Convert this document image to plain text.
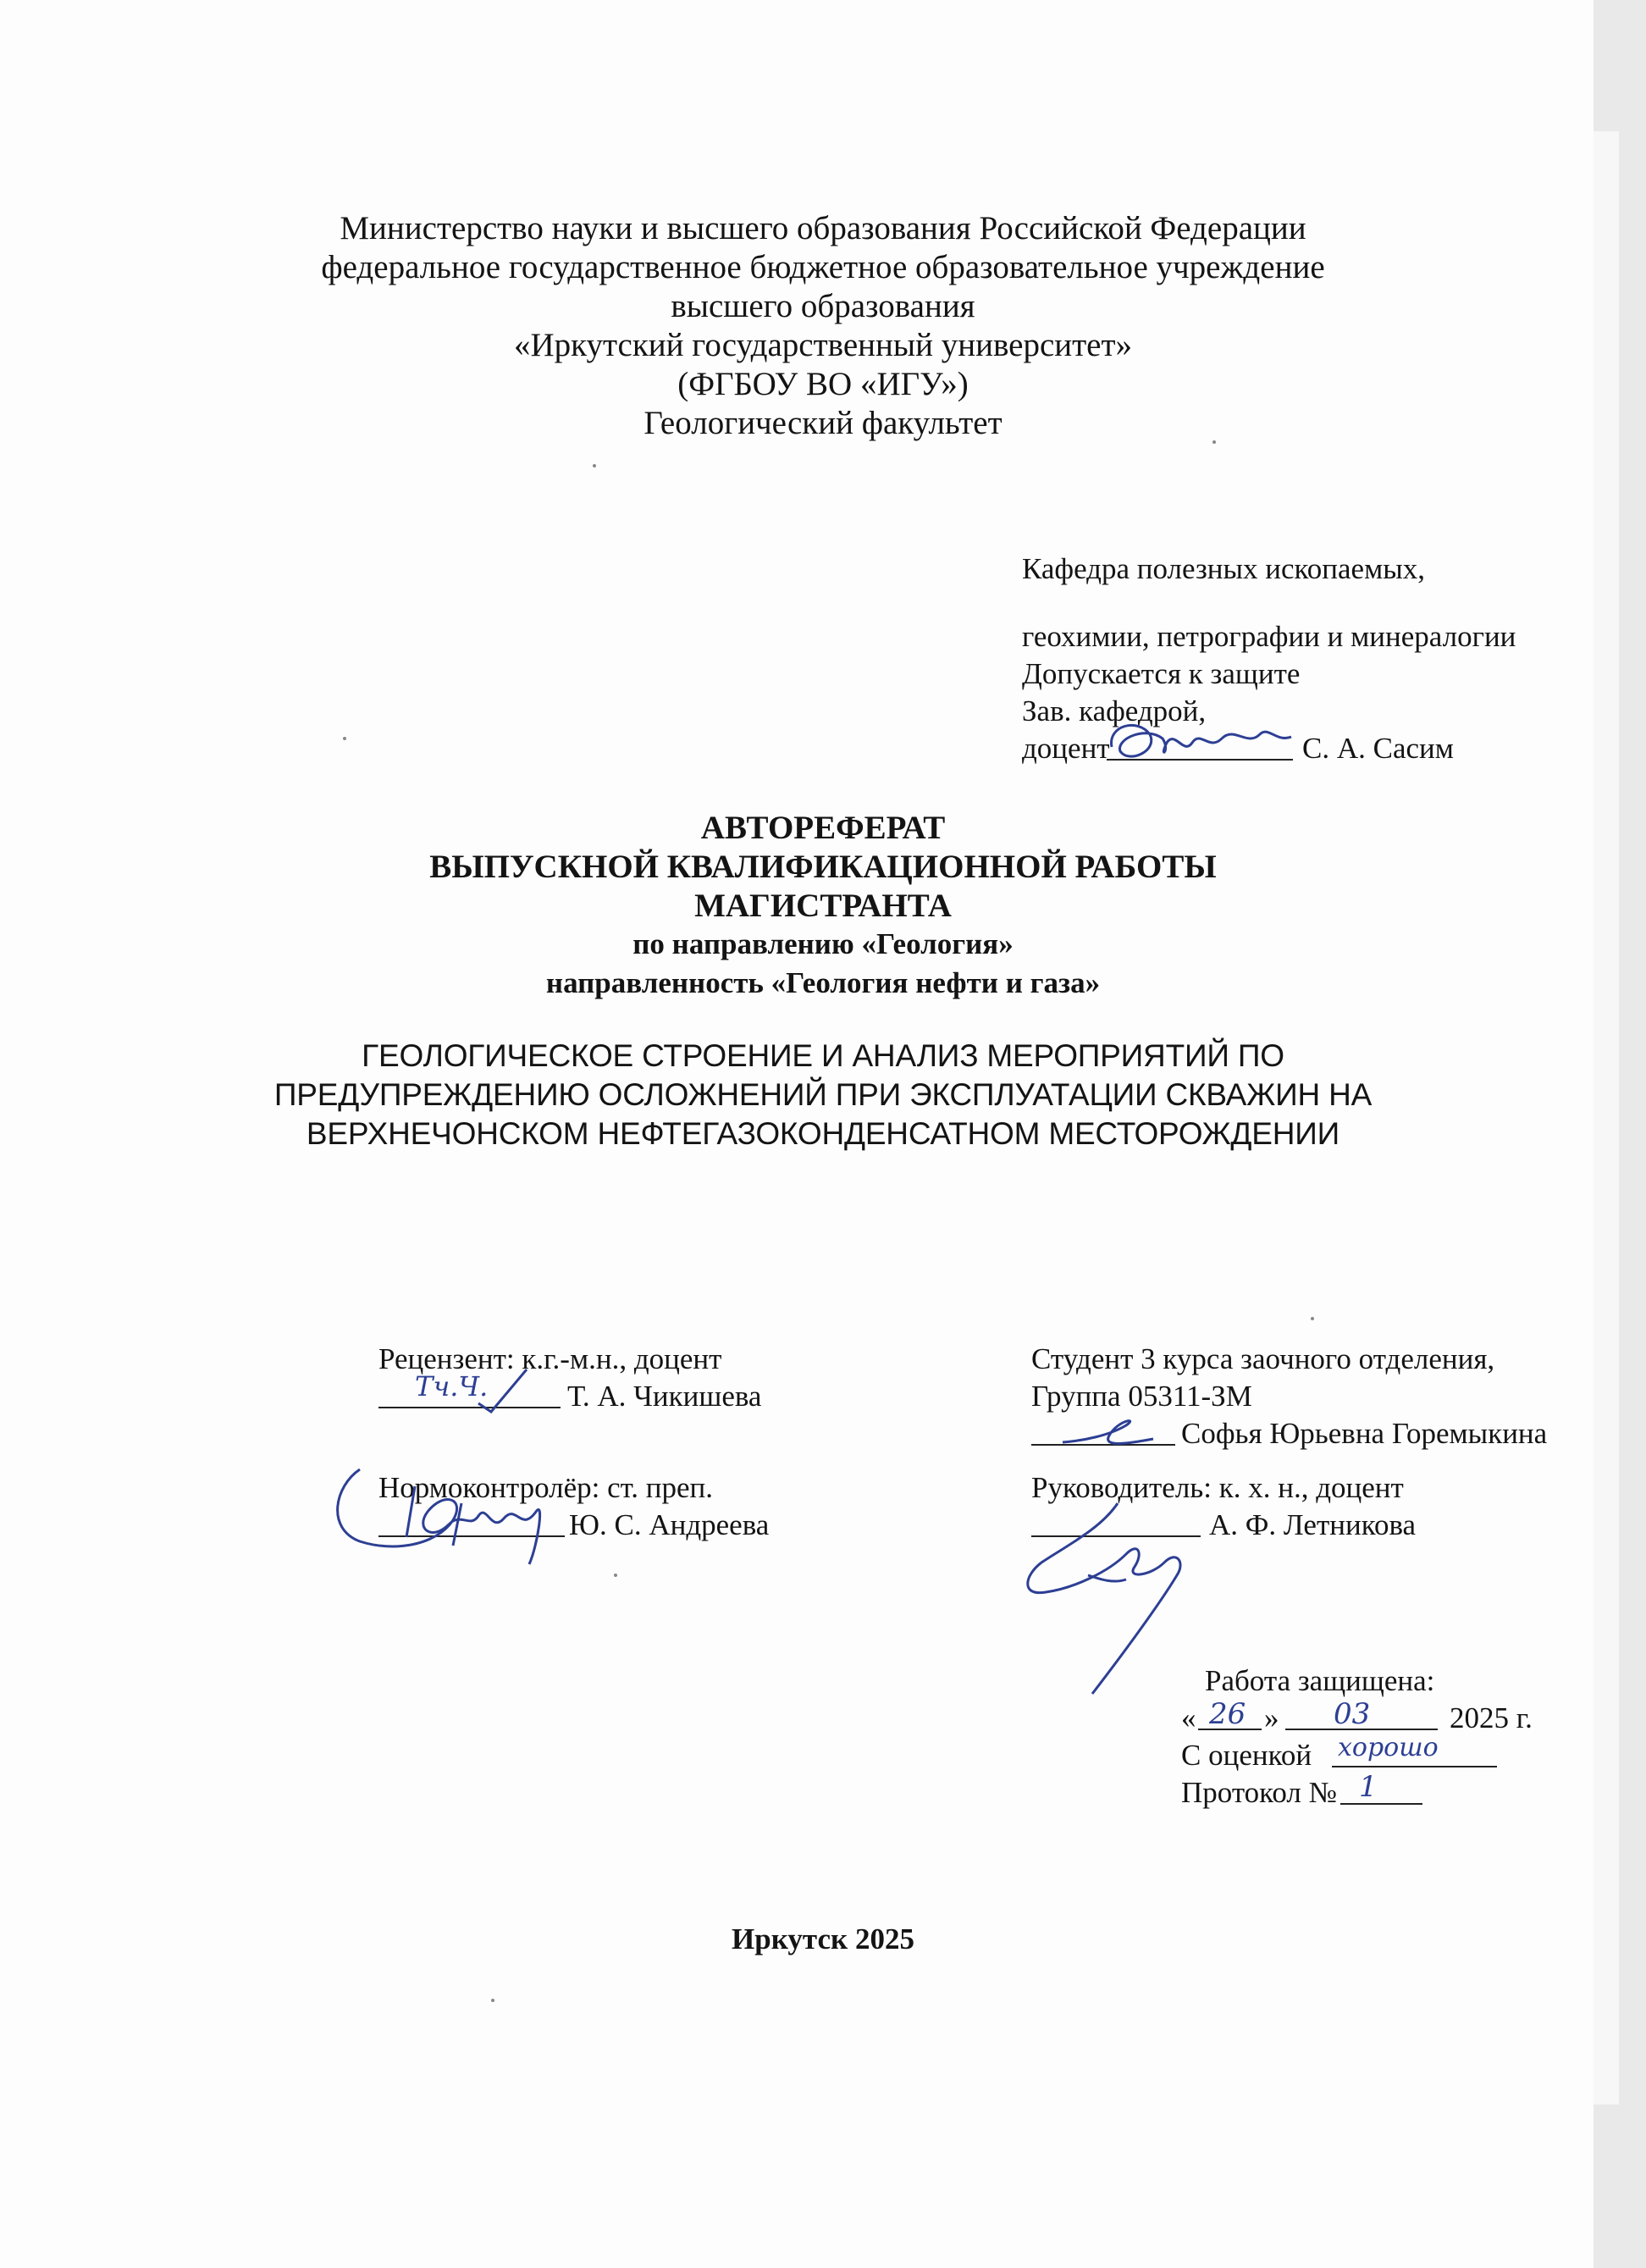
Министерство науки и высшего образования Российской Федерации
федеральное государственное бюджетное образовательное учреждение
высшего образования
«Иркутский государственный университет»
(ФГБОУ ВО «ИГУ»)
Геологический факультет
Кафедра полезных ископаемых,
геохимии, петрографии и минералогии
Допускается к защите
Зав. кафедрой,
доцент	С. А. Сасим
АВТОРЕФЕРАТ
ВЫПУСКНОЙ КВАЛИФИКАЦИОННОЙ РАБОТЫ
МАГИСТРАНТА
по направлению «Геология»
направленность «Геология нефти и газа»
ГЕОЛОГИЧЕСКОЕ СТРОЕНИЕ И АНАЛИЗ МЕРОПРИЯТИЙ ПО
ПРЕДУПРЕЖДЕНИЮ ОСЛОЖНЕНИЙ ПРИ ЭКСПЛУАТАЦИИ СКВАЖИН НА
ВЕРХНЕЧОНСКОМ НЕФТЕГАЗОКОНДЕНСАТНОМ МЕСТОРОЖДЕНИИ
Рецензент: к.г.-м.н., доцент
Тч.Ч.	Т. А. Чикишева
Студент 3 курса заочного отделения,
Группа 05311-ЗМ
Софья Юрьевна Горемыкина
Нормоконтролёр: ст. преп.
Ю. С. Андреева
Руководитель: к. х. н., доцент
А. Ф. Летникова
Работа защищена:
« 26 » 03	2025 г.
С оценкой хорошо
Протокол № 1
Иркутск 2025
